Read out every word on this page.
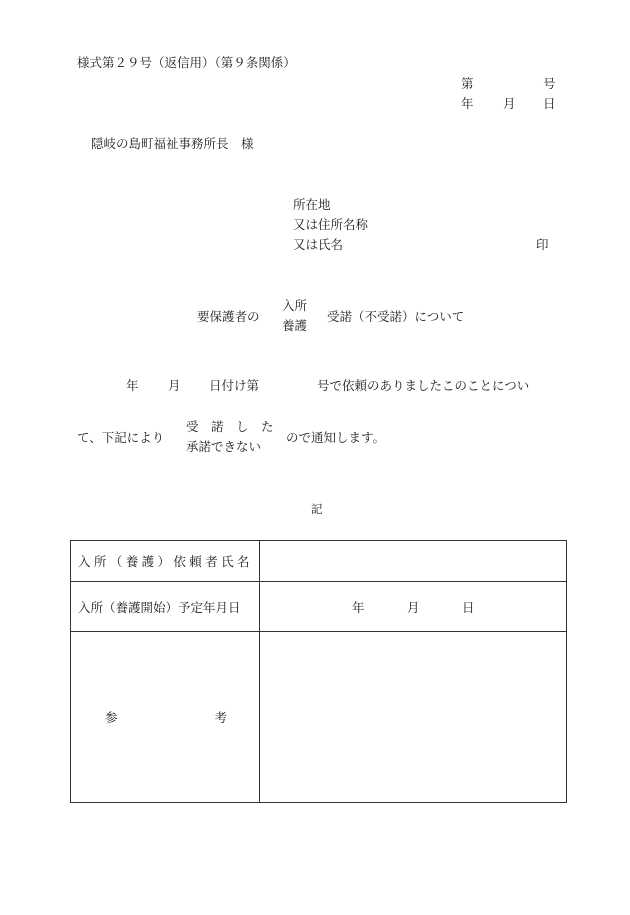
様式第２９号（返信用）（第９条関係）
第	号
年 月 日
隠岐の島町福祉事務所長　様
所在地
又は住所名称
又は氏名	印
要保護者の
入所
養護
受諾（不受諾）について
年 月 日付け第	号で依頼のありましたこのことについ
て、下記により
受　諾　し　た
承諾できない
ので通知します。
記
入所（養護）依頼者氏名	

入所（養護開始）予定年月日	年 月 日

参 考	
